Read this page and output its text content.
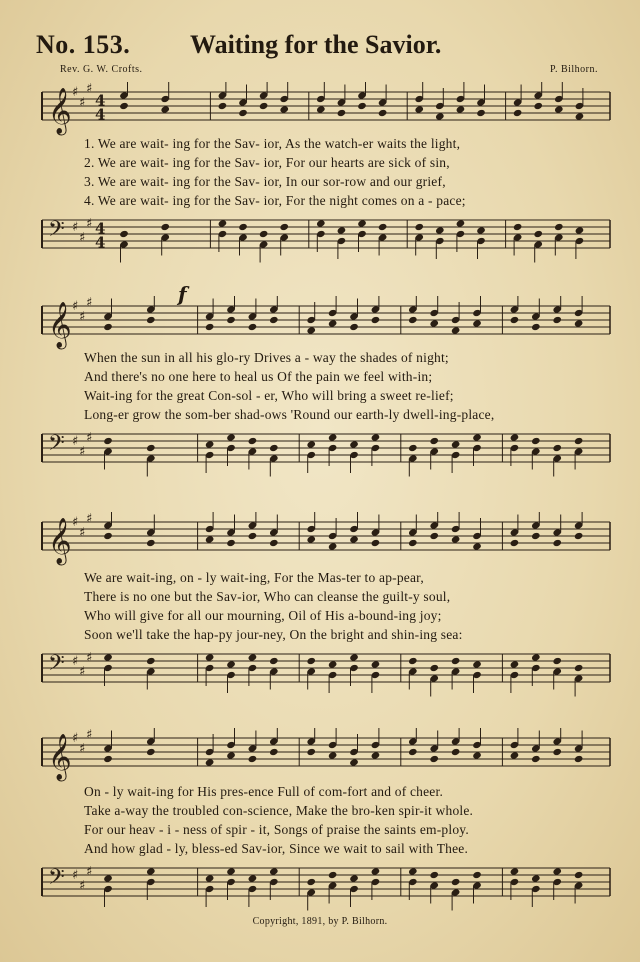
No. 153. Waiting for the Savior.
Rev. G. W. Crofts.	P. Bilhorn.
𝄞 ♯
♯
♯
4
4
1. We are wait- ing for the Sav- ior, As the watch-er waits the light,
2. We are wait- ing for the Sav- ior, For our hearts are sick of sin,
3. We are wait- ing for the Sav- ior, In our sor-row and our grief,
4. We are wait- ing for the Sav- ior, For the night comes on a - pace;
𝄢 ♯
♯
♯ 4
4
f
𝄞 ♯
♯
♯
When the sun in all his glo-ry Drives a - way the shades of night;
And there's no one here to heal us Of the pain we feel with-in;
Wait-ing for the great Con-sol - er, Who will bring a sweet re-lief;
Long-er grow the som-ber shad-ows 'Round our earth-ly dwell-ing-place,
𝄢 ♯
♯
♯
𝄞 ♯
♯
♯
We are wait-ing, on - ly wait-ing, For the Mas-ter to ap-pear,
There is no one but the Sav-ior, Who can cleanse the guilt-y soul,
Who will give for all our mourning, Oil of His a-bound-ing joy;
Soon we'll take the hap-py jour-ney, On the bright and shin-ing sea:
𝄢 ♯
♯
♯
𝄞 ♯
♯
♯
On - ly wait-ing for His pres-ence Full of com-fort and of cheer.
Take a-way the troubled con-science, Make the bro-ken spir-it whole.
For our heav - i - ness of spir - it, Songs of praise the saints em-ploy.
And how glad - ly, bless-ed Sav-ior, Since we wait to sail with Thee.
𝄢 ♯
♯
♯
Copyright, 1891, by P. Bilhorn.
